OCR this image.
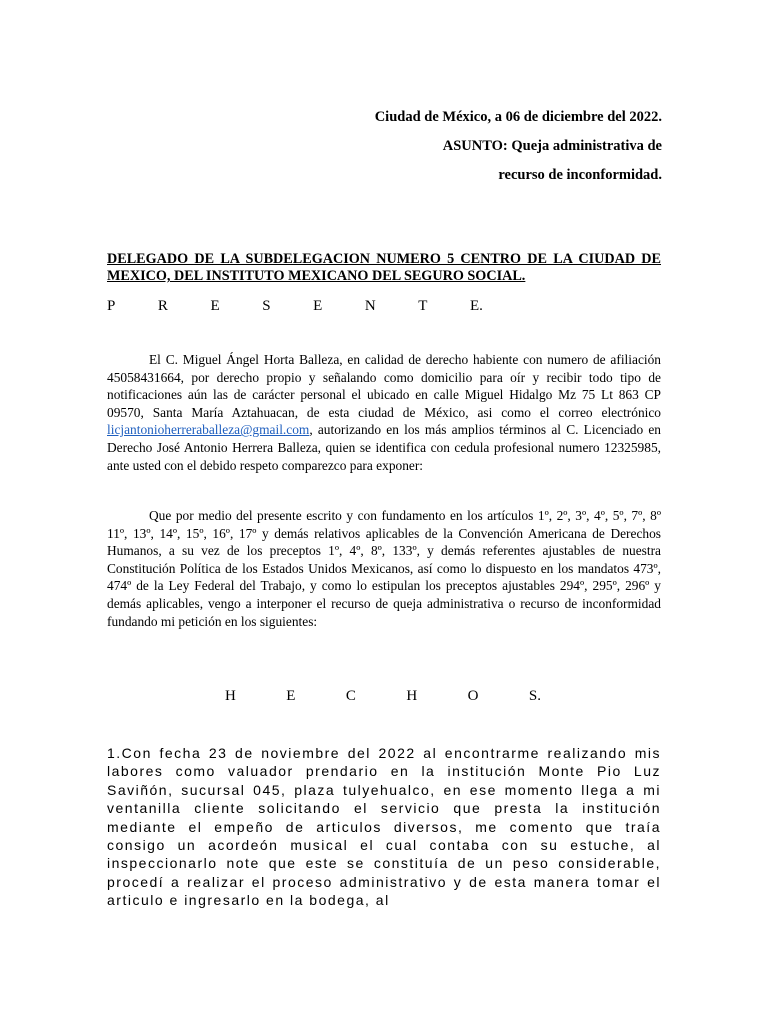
Ciudad de México, a 06 de diciembre del 2022.
ASUNTO: Queja administrativa de
recurso de inconformidad.
DELEGADO DE LA SUBDELEGACION NUMERO 5 CENTRO DE LA CIUDAD DE MEXICO, DEL INSTITUTO MEXICANO DEL SEGURO SOCIAL.
P	R	E	S	E	N	T	E.

El C. Miguel Ángel Horta Balleza, en calidad de derecho habiente con numero de afiliación 45058431664, por derecho propio y señalando como domicilio para oír y recibir todo tipo de notificaciones aún las de carácter personal el ubicado en calle Miguel Hidalgo Mz 75 Lt 863 CP 09570, Santa María Aztahuacan, de esta ciudad de México, asi como el correo electrónico licjantonioherreraballeza@gmail.com, autorizando en los más amplios términos al C. Licenciado en Derecho José Antonio Herrera Balleza, quien se identifica con cedula profesional numero 12325985, ante usted con el debido respeto comparezco para exponer:

Que por medio del presente escrito y con fundamento en los artículos 1º, 2º, 3º, 4º, 5º, 7º, 8º 11º, 13º, 14º, 15º, 16º, 17º y demás relativos aplicables de la Convención Americana de Derechos Humanos, a su vez de los preceptos 1º, 4º, 8º, 133º, y demás referentes ajustables de nuestra Constitución Política de los Estados Unidos Mexicanos, así como lo dispuesto en los mandatos 473º, 474º de la Ley Federal del Trabajo, y como lo estipulan los preceptos ajustables 294º, 295º, 296º y demás aplicables, vengo a interponer el recurso de queja administrativa o recurso de inconformidad fundando mi petición en los siguientes:

H	E	C	H	O	S.

1.Con fecha 23 de noviembre del 2022 al encontrarme realizando mis labores como valuador prendario en la institución Monte Pio Luz Saviñón, sucursal 045, plaza tulyehualco, en ese momento llega a mi ventanilla cliente solicitando el servicio que presta la institución mediante el empeño de articulos diversos, me comento que traía consigo un acordeón musical el cual contaba con su estuche, al inspeccionarlo note que este se constituía de un peso considerable, procedí a realizar el proceso administrativo y de esta manera tomar el articulo e ingresarlo en la bodega, al
